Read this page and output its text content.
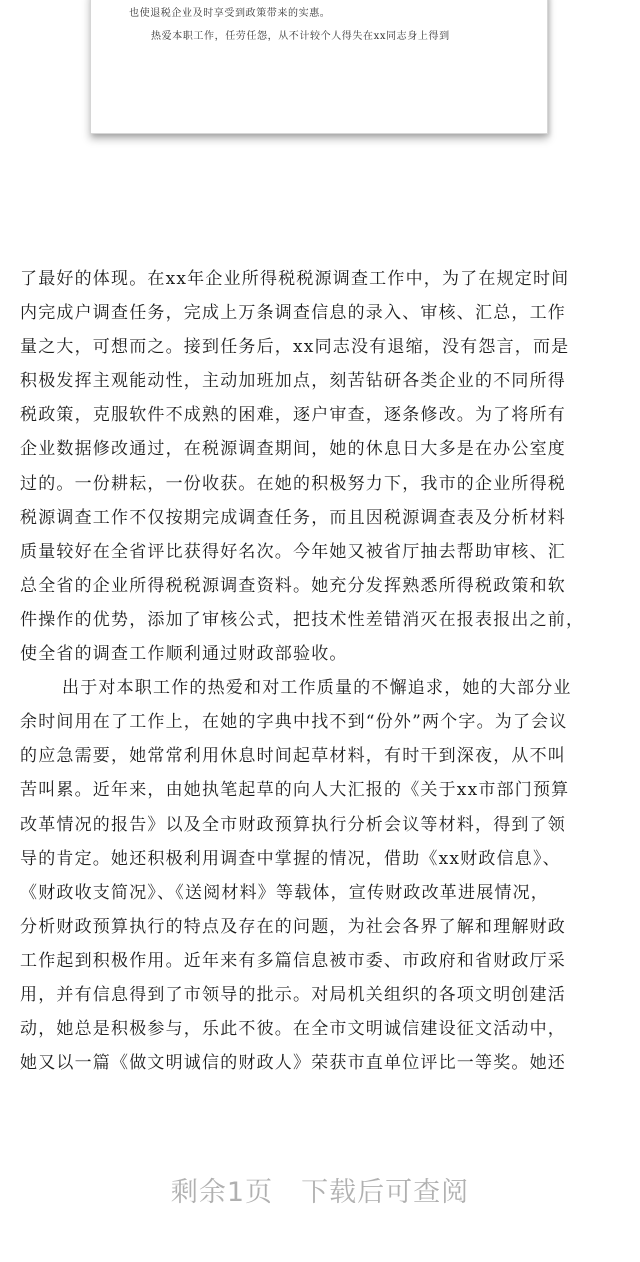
也使退税企业及时享受到政策带来的实惠。
热爱本职工作，任劳任怨，从不计较个人得失在xx同志身上得到
了最好的体现。在xx年企业所得税税源调查工作中，为了在规定时间
内完成户调查任务，完成上万条调查信息的录入、审核、汇总，工作
量之大，可想而之。接到任务后，xx同志没有退缩，没有怨言，而是
积极发挥主观能动性，主动加班加点，刻苦钻研各类企业的不同所得
税政策，克服软件不成熟的困难，逐户审查，逐条修改。为了将所有
企业数据修改通过，在税源调查期间，她的休息日大多是在办公室度
过的。一份耕耘，一份收获。在她的积极努力下，我市的企业所得税
税源调查工作不仅按期完成调查任务，而且因税源调查表及分析材料
质量较好在全省评比获得好名次。今年她又被省厅抽去帮助审核、汇
总全省的企业所得税税源调查资料。她充分发挥熟悉所得税政策和软
件操作的优势，添加了审核公式，把技术性差错消灭在报表报出之前，
使全省的调查工作顺利通过财政部验收。
出于对本职工作的热爱和对工作质量的不懈追求，她的大部分业
余时间用在了工作上，在她的字典中找不到“份外”两个字。为了会议
的应急需要，她常常利用休息时间起草材料，有时干到深夜，从不叫
苦叫累。近年来，由她执笔起草的向人大汇报的《关于xx市部门预算
改革情况的报告》以及全市财政预算执行分析会议等材料，得到了领
导的肯定。她还积极利用调查中掌握的情况，借助《xx财政信息》、
《财政收支简况》、《送阅材料》等载体，宣传财政改革进展情况，
分析财政预算执行的特点及存在的问题，为社会各界了解和理解财政
工作起到积极作用。近年来有多篇信息被市委、市政府和省财政厅采
用，并有信息得到了市领导的批示。对局机关组织的各项文明创建活
动，她总是积极参与，乐此不彼。在全市文明诚信建设征文活动中，
她又以一篇《做文明诚信的财政人》荣获市直单位评比一等奖。她还
剩余1页 下载后可查阅
